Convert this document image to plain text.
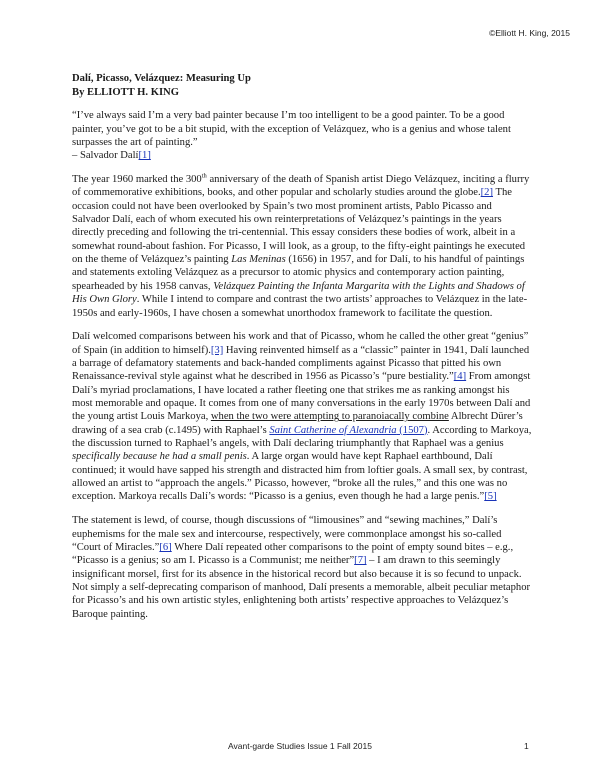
©Elliott H. King, 2015
Dalí, Picasso, Velázquez: Measuring Up
By ELLIOTT H. KING
“I’ve always said I’m a very bad painter because I’m too intelligent to be a good painter. To be a good painter, you’ve got to be a bit stupid, with the exception of Velázquez, who is a genius and whose talent surpasses the art of painting.”
– Salvador Dalí[1]

The year 1960 marked the 300th anniversary of the death of Spanish artist Diego Velázquez, inciting a flurry of commemorative exhibitions, books, and other popular and scholarly studies around the globe.[2] The occasion could not have been overlooked by Spain’s two most prominent artists, Pablo Picasso and Salvador Dalí, each of whom executed his own reinterpretations of Velázquez’s paintings in the years directly preceding and following the tri-centennial. This essay considers these bodies of work, albeit in a somewhat round-about fashion. For Picasso, I will look, as a group, to the fifty-eight paintings he executed on the theme of Velázquez’s painting Las Meninas (1656) in 1957, and for Dalí, to his handful of paintings and statements extoling Velázquez as a precursor to atomic physics and contemporary action painting, spearheaded by his 1958 canvas, Velázquez Painting the Infanta Margarita with the Lights and Shadows of His Own Glory. While I intend to compare and contrast the two artists’ approaches to Velázquez in the late-1950s and early-1960s, I have chosen a somewhat unorthodox framework to facilitate the question.

Dalí welcomed comparisons between his work and that of Picasso, whom he called the other great “genius” of Spain (in addition to himself).[3] Having reinvented himself as a “classic” painter in 1941, Dalí launched a barrage of defamatory statements and back-handed compliments against Picasso that pitted his own Renaissance-revival style against what he described in 1956 as Picasso’s “pure bestiality.”[4] From amongst Dalí’s myriad proclamations, I have located a rather fleeting one that strikes me as ranking amongst his most memorable and opaque. It comes from one of many conversations in the early 1970s between Dalí and the young artist Louis Markoya, when the two were attempting to paranoiacally combine Albrecht Dürer’s drawing of a sea crab (c.1495) with Raphael’s Saint Catherine of Alexandria (1507). According to Markoya, the discussion turned to Raphael’s angels, with Dalí declaring triumphantly that Raphael was a genius specifically because he had a small penis. A large organ would have kept Raphael earthbound, Dalí continued; it would have sapped his strength and distracted him from loftier goals. A small sex, by contrast, allowed an artist to “approach the angels.” Picasso, however, “broke all the rules,” and this one was no exception. Markoya recalls Dalí’s words: “Picasso is a genius, even though he had a large penis.”[5]

The statement is lewd, of course, though discussions of “limousines” and “sewing machines,” Dalí’s euphemisms for the male sex and intercourse, respectively, were commonplace amongst his so-called “Court of Miracles.”[6] Where Dalí repeated other comparisons to the point of empty sound bites – e.g., “Picasso is a genius; so am I. Picasso is a Communist; me neither”[7] – I am drawn to this seemingly insignificant morsel, first for its absence in the historical record but also because it is so fecund to unpack. Not simply a self-deprecating comparison of manhood, Dalí presents a memorable, albeit peculiar metaphor for Picasso’s and his own artistic styles, enlightening both artists’ respective approaches to Velázquez’s Baroque painting.

Avant-garde Studies Issue 1 Fall 2015	1
